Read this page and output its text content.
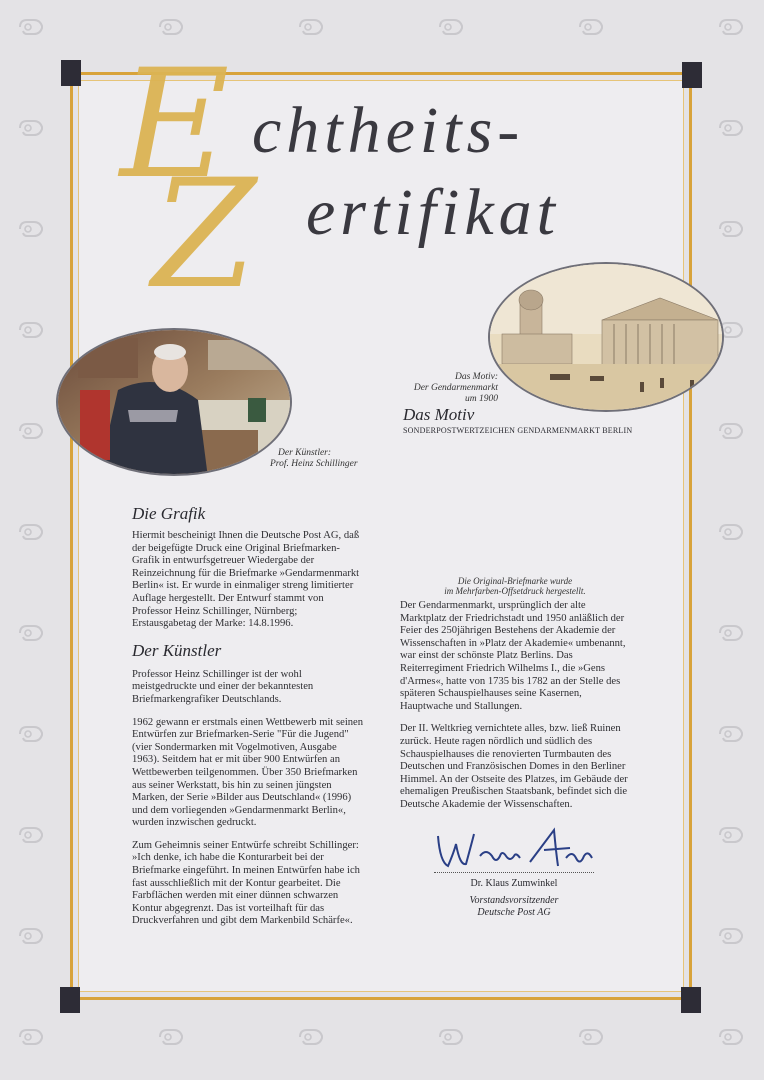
E chtheits-
Z ertifikat
Der Künstler:
Prof. Heinz Schillinger
Das Motiv:
Der Gendarmenmarkt
um 1900
Das Motiv
SONDERPOSTWERTZEICHEN GENDARMENMARKT BERLIN
Die Grafik

Hiermit bescheinigt Ihnen die Deutsche Post AG, daß der beigefügte Druck eine Original Briefmarken-Grafik in entwurfsgetreuer Wiedergabe der Reinzeichnung für die Briefmarke »Gendarmenmarkt Berlin« ist. Er wurde in einmaliger streng limitierter Auflage hergestellt. Der Entwurf stammt von Professor Heinz Schillinger, Nürnberg; Erstausgabetag der Marke: 14.8.1996.

Der Künstler

Professor Heinz Schillinger ist der wohl meistgedruckte und einer der bekanntesten Briefmarkengrafiker Deutschlands.

1962 gewann er erstmals einen Wettbewerb mit seinen Entwürfen zur Briefmarken-Serie "Für die Jugend" (vier Sondermarken mit Vogelmotiven, Ausgabe 1963). Seitdem hat er mit über 900 Entwürfen an Wettbewerben teilgenommen. Über 350 Briefmarken aus seiner Werkstatt, bis hin zu seinen jüngsten Marken, der Serie »Bilder aus Deutschland« (1996) und dem vorliegenden »Gendarmenmarkt Berlin«, wurden inzwischen gedruckt.

Zum Geheimnis seiner Entwürfe schreibt Schillinger: »Ich denke, ich habe die Konturarbeit bei der Briefmarke eingeführt. In meinen Entwürfen habe ich fast ausschließlich mit der Kontur gearbeitet. Die Farbflächen werden mit einer dünnen schwarzen Kontur abgegrenzt. Das ist vorteilhaft für das Druckverfahren und gibt dem Markenbild Schärfe«.

Die Original-Briefmarke wurde
im Mehrfarben-Offsetdruck hergestellt.

Der Gendarmenmarkt, ursprünglich der alte Marktplatz der Friedrichstadt und 1950 anläßlich der Feier des 250jährigen Bestehens der Akademie der Wissenschaften in »Platz der Akademie« umbenannt, war einst der schönste Platz Berlins. Das Reiterregiment Friedrich Wilhelms I., die »Gens d'Armes«, hatte von 1735 bis 1782 an der Stelle des späteren Schauspielhauses seine Kasernen, Hauptwache und Stallungen.

Der II. Weltkrieg vernichtete alles, bzw. ließ Ruinen zurück. Heute ragen nördlich und südlich des Schauspielhauses die renovierten Turmbauten des Deutschen und Französischen Domes in den Berliner Himmel. An der Ostseite des Platzes, im Gebäude der ehemaligen Preußischen Staatsbank, befindet sich die Deutsche Akademie der Wissenschaften.

Dr. Klaus Zumwinkel
Vorstandsvorsitzender
Deutsche Post AG
